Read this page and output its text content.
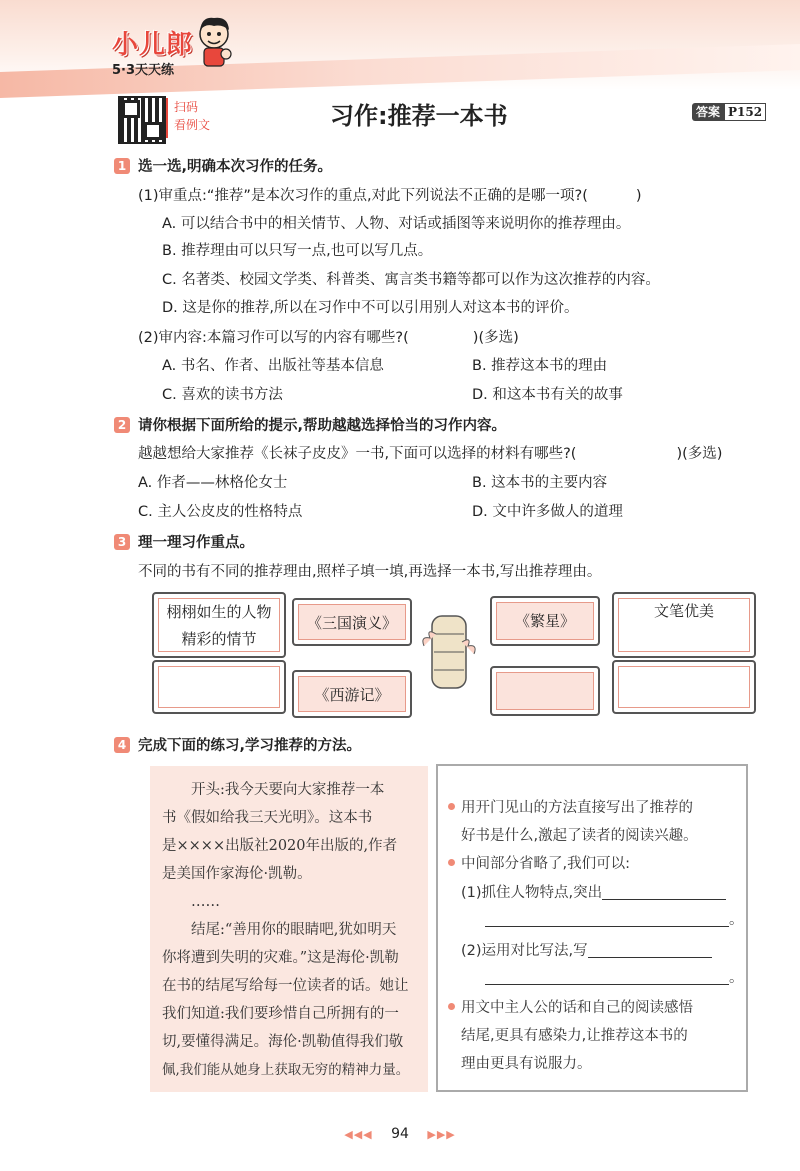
小儿郎
5·3天天练
扫码
看例文	习作:推荐一本书	答案 P152
1 选一选,明确本次习作的任务。
(1)审重点:“推荐”是本次习作的重点,对此下列说法不正确的是哪一项?(	)
A. 可以结合书中的相关情节、人物、对话或插图等来说明你的推荐理由。
B. 推荐理由可以只写一点,也可以写几点。
C. 名著类、校园文学类、科普类、寓言类书籍等都可以作为这次推荐的内容。
D. 这是你的推荐,所以在习作中不可以引用别人对这本书的评价。
(2)审内容:本篇习作可以写的内容有哪些?(	)(多选)
A. 书名、作者、出版社等基本信息	B. 推荐这本书的理由
C. 喜欢的读书方法	D. 和这本书有关的故事
2 请你根据下面所给的提示,帮助越越选择恰当的习作内容。
越越想给大家推荐《长袜子皮皮》一书,下面可以选择的材料有哪些?(	)(多选)
A. 作者——林格伦女士	B. 这本书的主要内容
C. 主人公皮皮的性格特点	D. 文中许多做人的道理
3 理一理习作重点。
不同的书有不同的推荐理由,照样子填一填,再选择一本书,写出推荐理由。
栩栩如生的人物
精彩的情节
《三国演义》
《西游记》
《繁星》
文笔优美
4 完成下面的练习,学习推荐的方法。

开头:我今天要向大家推荐一本

书《假如给我三天光明》。这本书

是××××出版社2020年出版的,作者

是美国作家海伦·凯勒。

……

结尾:“善用你的眼睛吧,犹如明天

你将遭到失明的灾难。”这是海伦·凯勒

在书的结尾写给每一位读者的话。她让

我们知道:我们要珍惜自己所拥有的一

切,要懂得满足。海伦·凯勒值得我们敬

佩,我们能从她身上获取无穷的精神力量。

用开门见山的方法直接写出了推荐的
好书是什么,激起了读者的阅读兴趣。
中间部分省略了,我们可以:
(1)抓住人物特点,突出
。
(2)运用对比写法,写
。
用文中主人公的话和自己的阅读感悟
结尾,更具有感染力,让推荐这本书的
理由更具有说服力。
◀◀◀ 94 ▶▶▶
